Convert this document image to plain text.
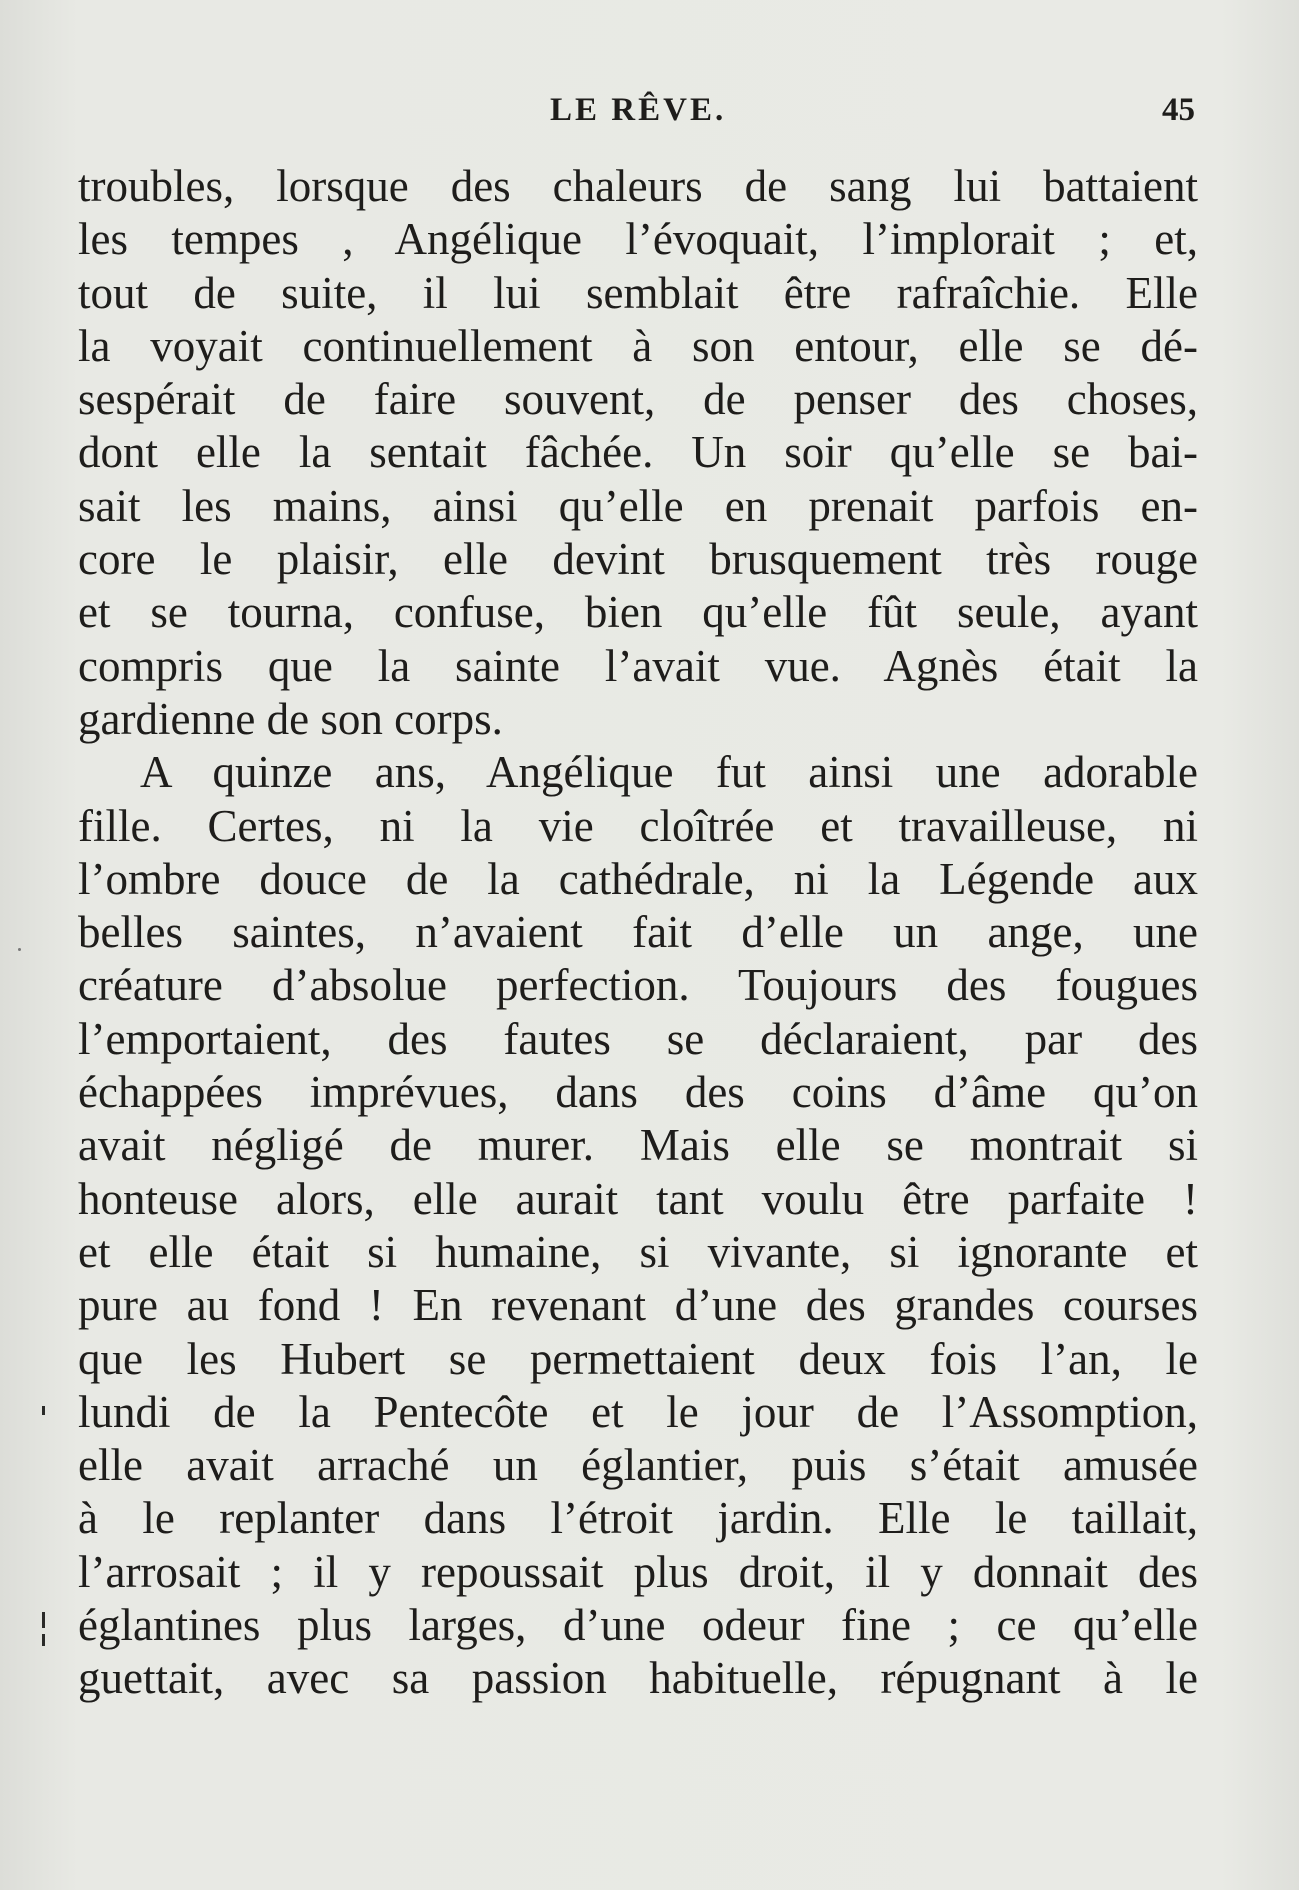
LE RÊVE.	45
troubles, lorsque des chaleurs de sang lui battaient
les tempes , Angélique l’évoquait, l’implorait ; et,
tout de suite, il lui semblait être rafraîchie. Elle
la voyait continuellement à son entour, elle se dé-
sespérait de faire souvent, de penser des choses,
dont elle la sentait fâchée. Un soir qu’elle se bai-
sait les mains, ainsi qu’elle en prenait parfois en-
core le plaisir, elle devint brusquement très rouge
et se tourna, confuse, bien qu’elle fût seule, ayant
compris que la sainte l’avait vue. Agnès était la
gardienne de son corps.
A quinze ans, Angélique fut ainsi une adorable
fille. Certes, ni la vie cloîtrée et travailleuse, ni
l’ombre douce de la cathédrale, ni la Légende aux
belles saintes, n’avaient fait d’elle un ange, une
créature d’absolue perfection. Toujours des fougues
l’emportaient, des fautes se déclaraient, par des
échappées imprévues, dans des coins d’âme qu’on
avait négligé de murer. Mais elle se montrait si
honteuse alors, elle aurait tant voulu être parfaite !
et elle était si humaine, si vivante, si ignorante et
pure au fond ! En revenant d’une des grandes courses
que les Hubert se permettaient deux fois l’an, le
lundi de la Pentecôte et le jour de l’Assomption,
elle avait arraché un églantier, puis s’était amusée
à le replanter dans l’étroit jardin. Elle le taillait,
l’arrosait ; il y repoussait plus droit, il y donnait des
églantines plus larges, d’une odeur fine ; ce qu’elle
guettait, avec sa passion habituelle, répugnant à le
